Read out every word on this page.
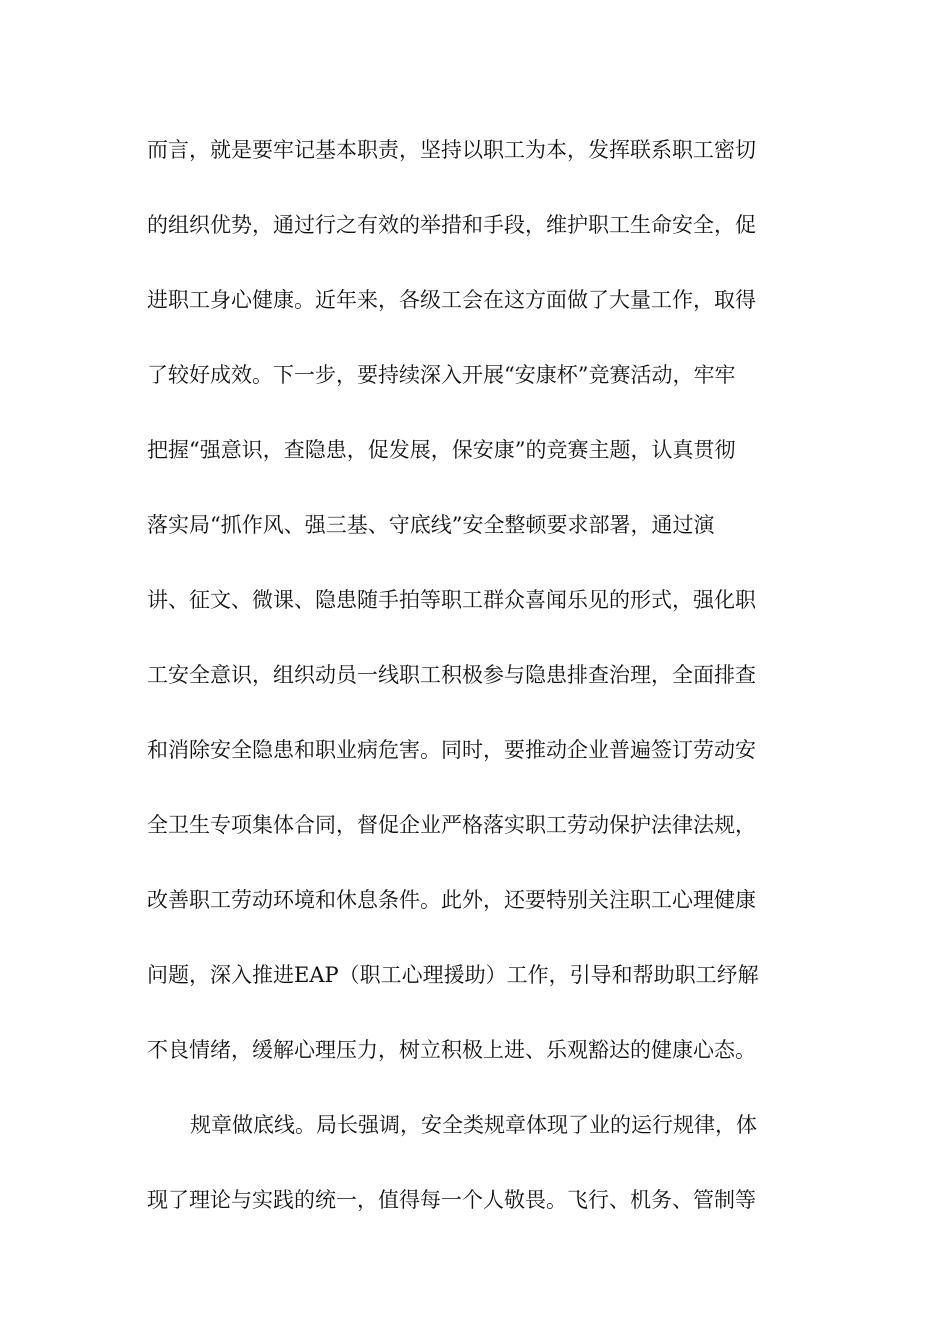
而言，就是要牢记基本职责，坚持以职工为本，发挥联系职工密切
的组织优势，通过行之有效的举措和手段，维护职工生命安全，促
进职工身心健康。近年来，各级工会在这方面做了大量工作，取得
了较好成效。下一步，要持续深入开展“安康杯”竞赛活动，牢牢
把握“强意识，查隐患，促发展，保安康”的竞赛主题，认真贯彻
落实局“抓作风、强三基、守底线”安全整顿要求部署，通过演
讲、征文、微课、隐患随手拍等职工群众喜闻乐见的形式，强化职
工安全意识，组织动员一线职工积极参与隐患排查治理，全面排查
和消除安全隐患和职业病危害。同时，要推动企业普遍签订劳动安
全卫生专项集体合同，督促企业严格落实职工劳动保护法律法规，
改善职工劳动环境和休息条件。此外，还要特别关注职工心理健康
问题，深入推进EAP（职工心理援助）工作，引导和帮助职工纾解
不良情绪，缓解心理压力，树立积极上进、乐观豁达的健康心态。
规章做底线。局长强调，安全类规章体现了业的运行规律，体
现了理论与实践的统一，值得每一个人敬畏。飞行、机务、管制等
